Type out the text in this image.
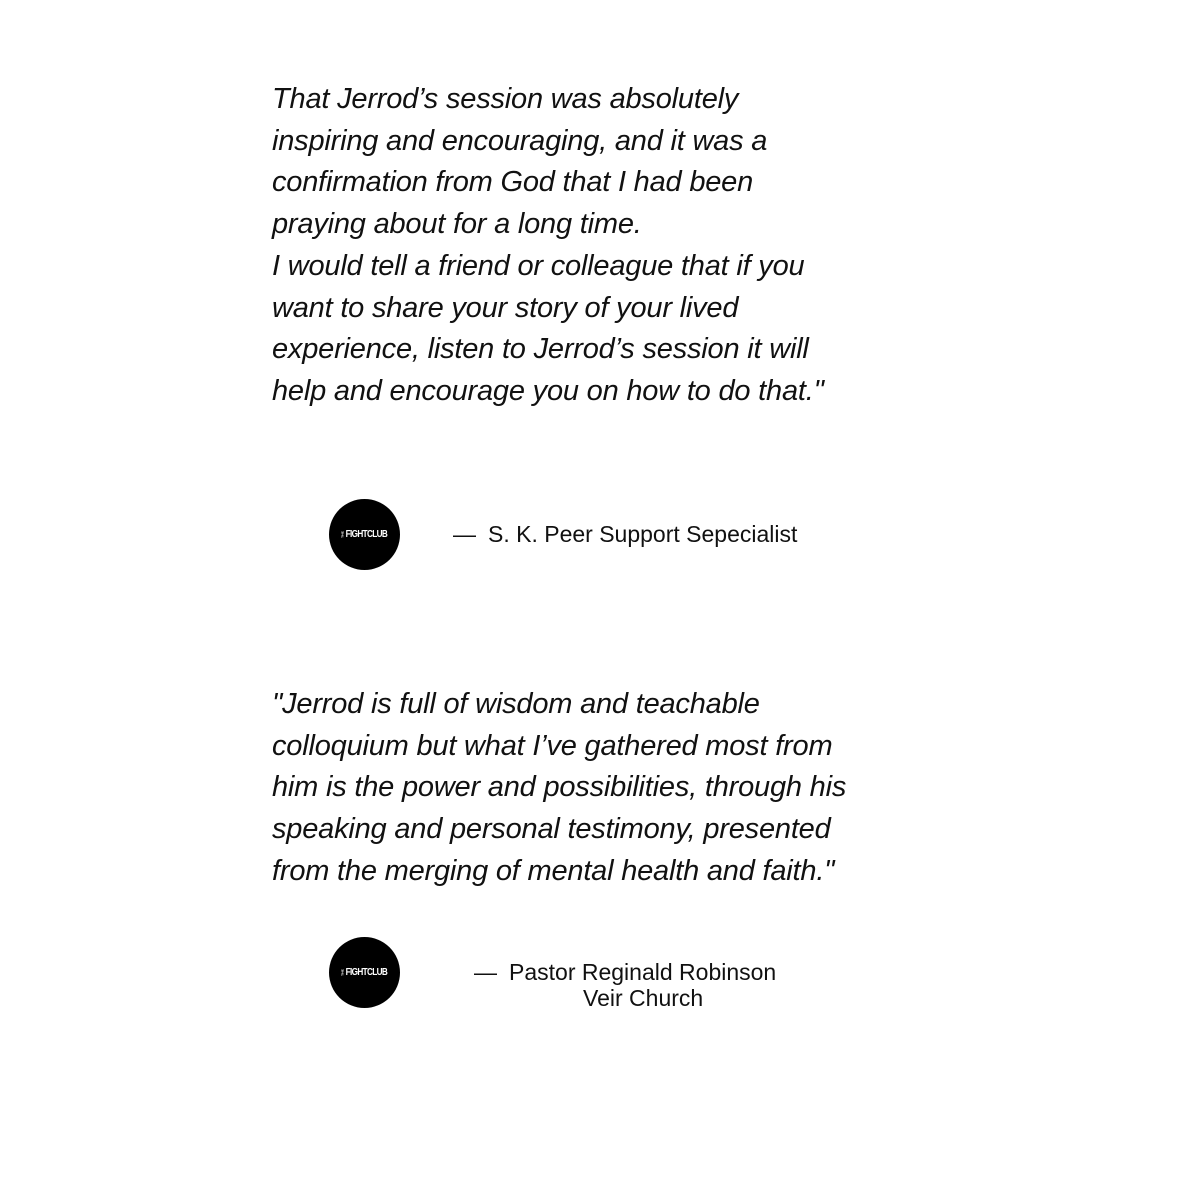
That Jerrod’s session was absolutely
inspiring and encouraging, and it was a
confirmation from God that I had been
praying about for a long time.
I would tell a friend or colleague that if you
want to share your story of your lived
experience, listen to Jerrod’s session it will
help and encourage you on how to do that."
THE FIGHTCLUB	— S. K. Peer Support Sepecialist
"Jerrod is full of wisdom and teachable
colloquium but what I’ve gathered most from
him is the power and possibilities, through his
speaking and personal testimony, presented
from the merging of mental health and faith."
THE FIGHTCLUB	— Pastor Reginald Robinson
Veir Church
